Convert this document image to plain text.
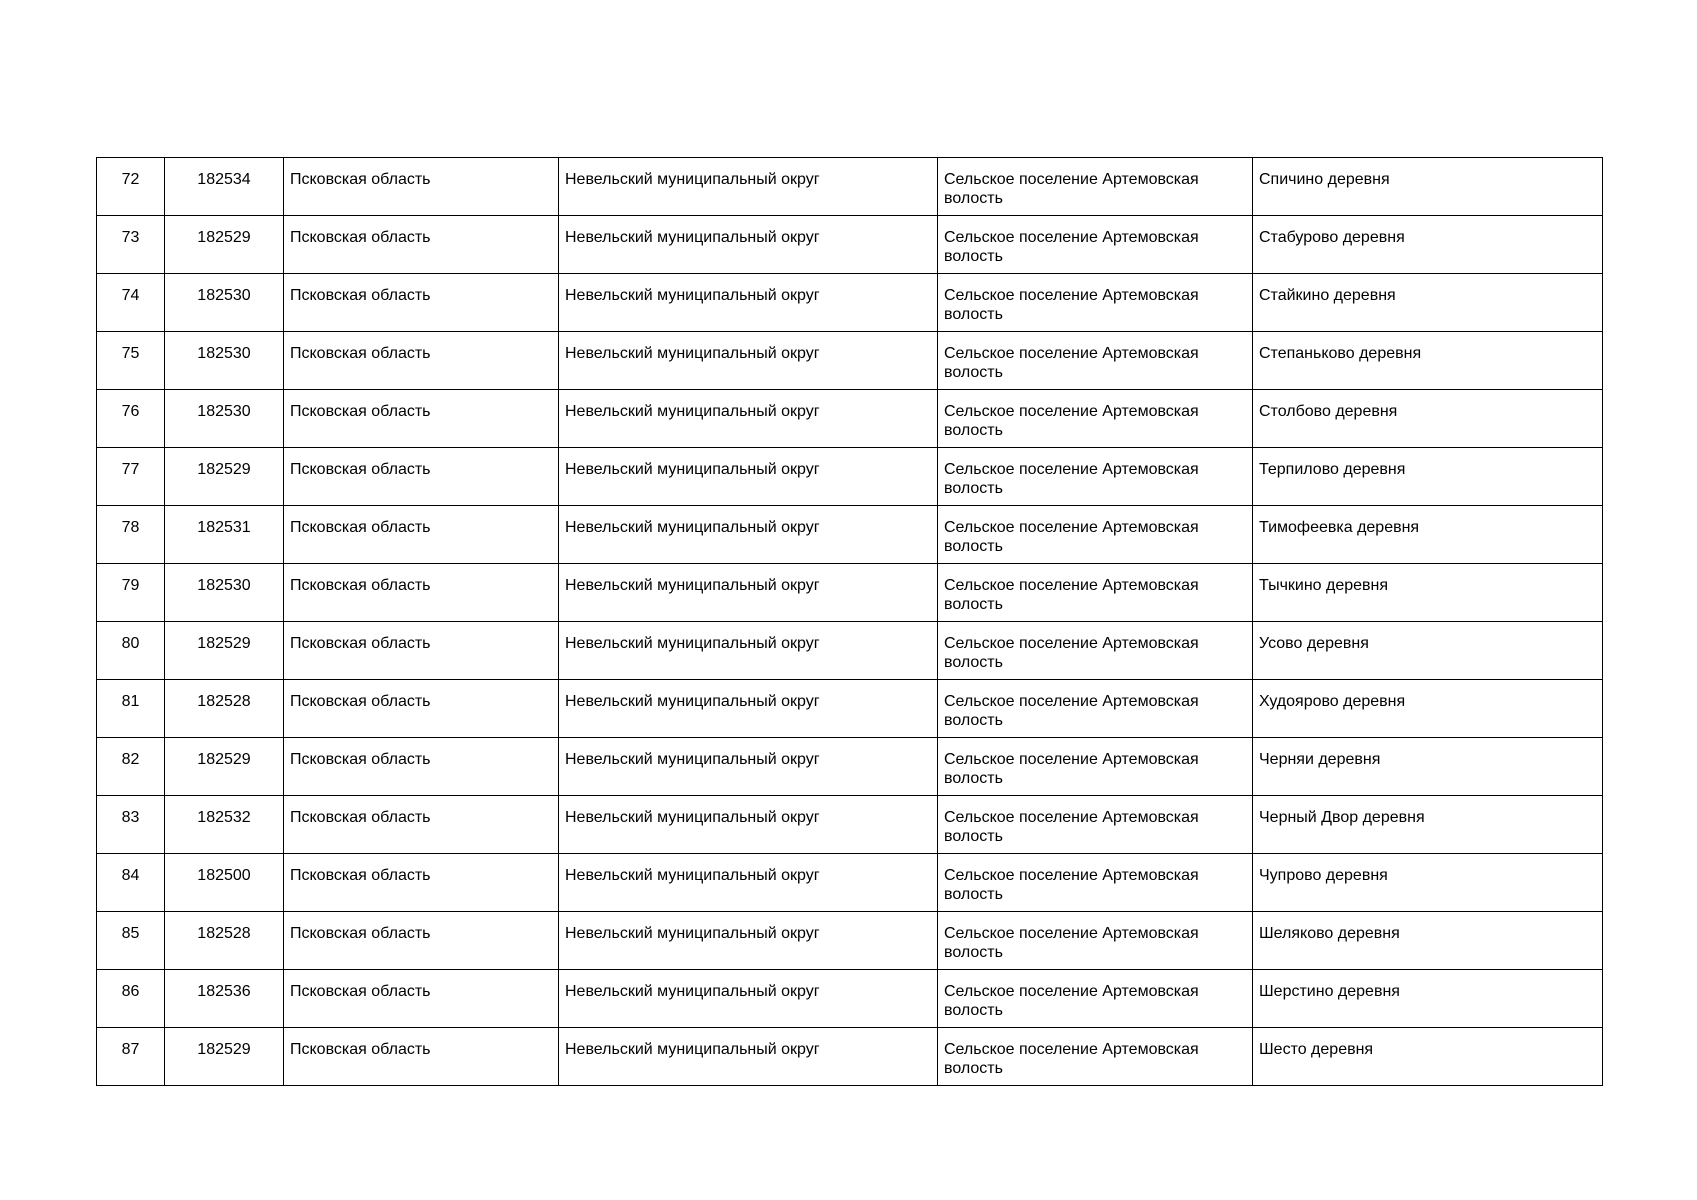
72	182534	Псковская область	Невельский муниципальный округ	Сельское поселение Артемовская волость	Спичино деревня
73	182529	Псковская область	Невельский муниципальный округ	Сельское поселение Артемовская волость	Стабурово деревня
74	182530	Псковская область	Невельский муниципальный округ	Сельское поселение Артемовская волость	Стайкино деревня
75	182530	Псковская область	Невельский муниципальный округ	Сельское поселение Артемовская волость	Степаньково деревня
76	182530	Псковская область	Невельский муниципальный округ	Сельское поселение Артемовская волость	Столбово деревня
77	182529	Псковская область	Невельский муниципальный округ	Сельское поселение Артемовская волость	Терпилово деревня
78	182531	Псковская область	Невельский муниципальный округ	Сельское поселение Артемовская волость	Тимофеевка деревня
79	182530	Псковская область	Невельский муниципальный округ	Сельское поселение Артемовская волость	Тычкино деревня
80	182529	Псковская область	Невельский муниципальный округ	Сельское поселение Артемовская волость	Усово деревня
81	182528	Псковская область	Невельский муниципальный округ	Сельское поселение Артемовская волость	Худоярово деревня
82	182529	Псковская область	Невельский муниципальный округ	Сельское поселение Артемовская волость	Черняи деревня
83	182532	Псковская область	Невельский муниципальный округ	Сельское поселение Артемовская волость	Черный Двор деревня
84	182500	Псковская область	Невельский муниципальный округ	Сельское поселение Артемовская волость	Чупрово деревня
85	182528	Псковская область	Невельский муниципальный округ	Сельское поселение Артемовская волость	Шеляково деревня
86	182536	Псковская область	Невельский муниципальный округ	Сельское поселение Артемовская волость	Шерстино деревня
87	182529	Псковская область	Невельский муниципальный округ	Сельское поселение Артемовская волость	Шесто деревня
